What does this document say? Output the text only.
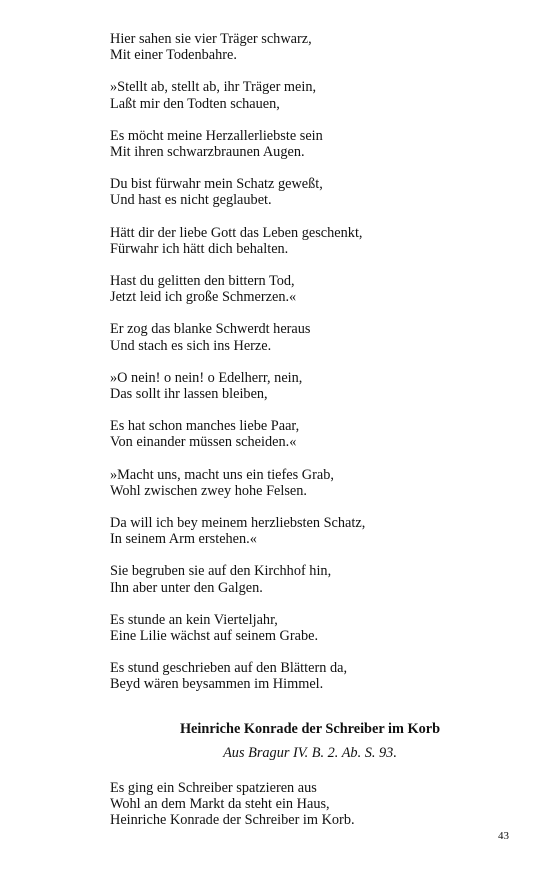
Hier sahen sie vier Träger schwarz,
Mit einer Todenbahre.
»Stellt ab, stellt ab, ihr Träger mein,
Laßt mir den Todten schauen,
Es möcht meine Herzallerliebste sein
Mit ihren schwarzbraunen Augen.
Du bist fürwahr mein Schatz geweßt,
Und hast es nicht geglaubet.
Hätt dir der liebe Gott das Leben geschenkt,
Fürwahr ich hätt dich behalten.
Hast du gelitten den bittern Tod,
Jetzt leid ich große Schmerzen.«
Er zog das blanke Schwerdt heraus
Und stach es sich ins Herze.
»O nein! o nein! o Edelherr, nein,
Das sollt ihr lassen bleiben,
Es hat schon manches liebe Paar,
Von einander müssen scheiden.«
»Macht uns, macht uns ein tiefes Grab,
Wohl zwischen zwey hohe Felsen.
Da will ich bey meinem herzliebsten Schatz,
In seinem Arm erstehen.«
Sie begruben sie auf den Kirchhof hin,
Ihn aber unter den Galgen.
Es stunde an kein Vierteljahr,
Eine Lilie wächst auf seinem Grabe.
Es stund geschrieben auf den Blättern da,
Beyd wären beysammen im Himmel.
Heinriche Konrade der Schreiber im Korb
Aus Bragur IV. B. 2. Ab. S. 93.
Es ging ein Schreiber spatzieren aus
Wohl an dem Markt da steht ein Haus,
Heinriche Konrade der Schreiber im Korb.
43
